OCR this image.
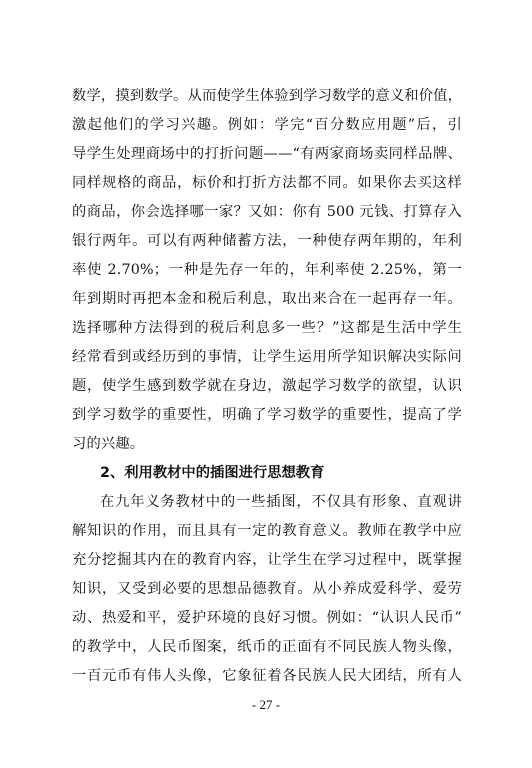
数学，摸到数学。从而使学生体验到学习数学的意义和价值，
激起他们的学习兴趣。例如：学完“百分数应用题”后，引
导学生处理商场中的打折问题——“有两家商场卖同样品牌、
同样规格的商品，标价和打折方法都不同。如果你去买这样
的商品，你会选择哪一家？又如：你有 500 元钱、打算存入
银行两年。可以有两种储蓄方法，一种使存两年期的，年利
率使 2.70%；一种是先存一年的，年利率使 2.25%，第一
年到期时再把本金和税后利息，取出来合在一起再存一年。
选择哪种方法得到的税后利息多一些？”这都是生活中学生
经常看到或经历到的事情，让学生运用所学知识解决实际问
题，使学生感到数学就在身边，激起学习数学的欲望，认识
到学习数学的重要性，明确了学习数学的重要性，提高了学
习的兴趣。
2、利用教材中的插图进行思想教育
在九年义务教材中的一些插图，不仅具有形象、直观讲
解知识的作用，而且具有一定的教育意义。教师在教学中应
充分挖掘其内在的教育内容，让学生在学习过程中，既掌握
知识，又受到必要的思想品德教育。从小养成爱科学、爱劳
动、热爱和平，爱护环境的良好习惯。例如：“认识人民币”
的教学中，人民币图案，纸币的正面有不同民族人物头像，
一百元币有伟人头像，它象征着各民族人民大团结，所有人
- 27 -
